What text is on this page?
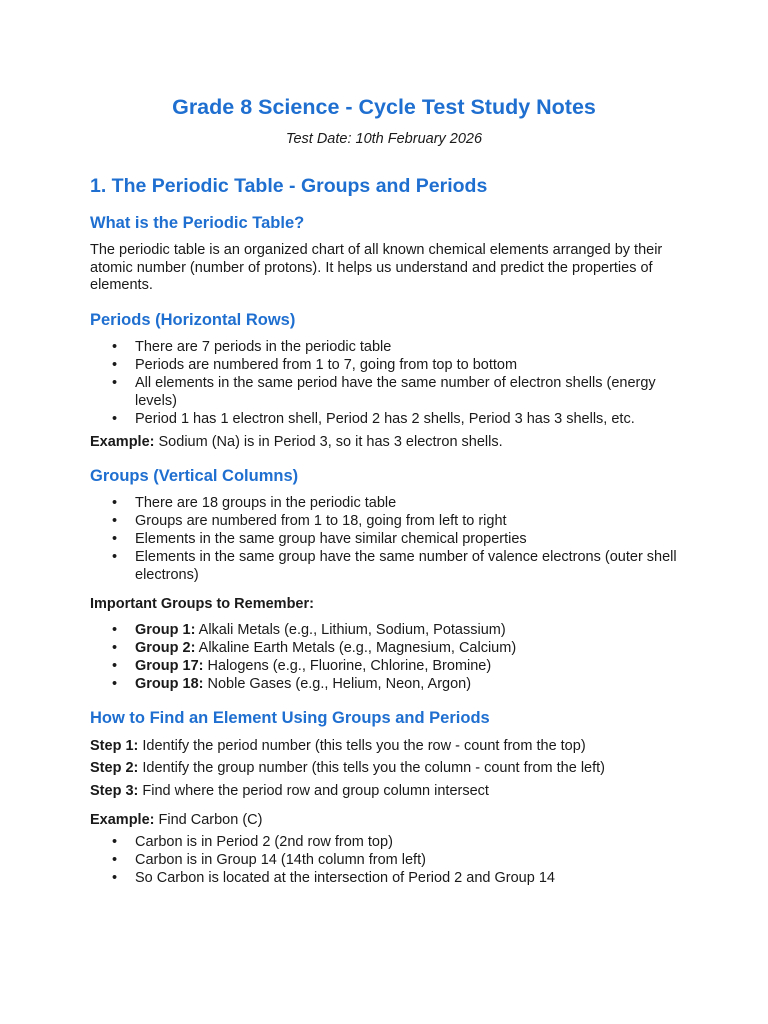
Grade 8 Science - Cycle Test Study Notes

Test Date: 10th February 2026

1. The Periodic Table - Groups and Periods
What is the Periodic Table?

The periodic table is an organized chart of all known chemical elements arranged by their atomic number (number of protons). It helps us understand and predict the properties of elements.

Periods (Horizontal Rows)
• There are 7 periods in the periodic table
• Periods are numbered from 1 to 7, going from top to bottom
• All elements in the same period have the same number of electron shells (energy levels)
• Period 1 has 1 electron shell, Period 2 has 2 shells, Period 3 has 3 shells, etc.

Example: Sodium (Na) is in Period 3, so it has 3 electron shells.

Groups (Vertical Columns)
• There are 18 groups in the periodic table
• Groups are numbered from 1 to 18, going from left to right
• Elements in the same group have similar chemical properties
• Elements in the same group have the same number of valence electrons (outer shell electrons)

Important Groups to Remember:

• Group 1: Alkali Metals (e.g., Lithium, Sodium, Potassium)
• Group 2: Alkaline Earth Metals (e.g., Magnesium, Calcium)
• Group 17: Halogens (e.g., Fluorine, Chlorine, Bromine)
• Group 18: Noble Gases (e.g., Helium, Neon, Argon)
How to Find an Element Using Groups and Periods

Step 1: Identify the period number (this tells you the row - count from the top)

Step 2: Identify the group number (this tells you the column - count from the left)

Step 3: Find where the period row and group column intersect

Example: Find Carbon (C)

• Carbon is in Period 2 (2nd row from top)
• Carbon is in Group 14 (14th column from left)
• So Carbon is located at the intersection of Period 2 and Group 14
